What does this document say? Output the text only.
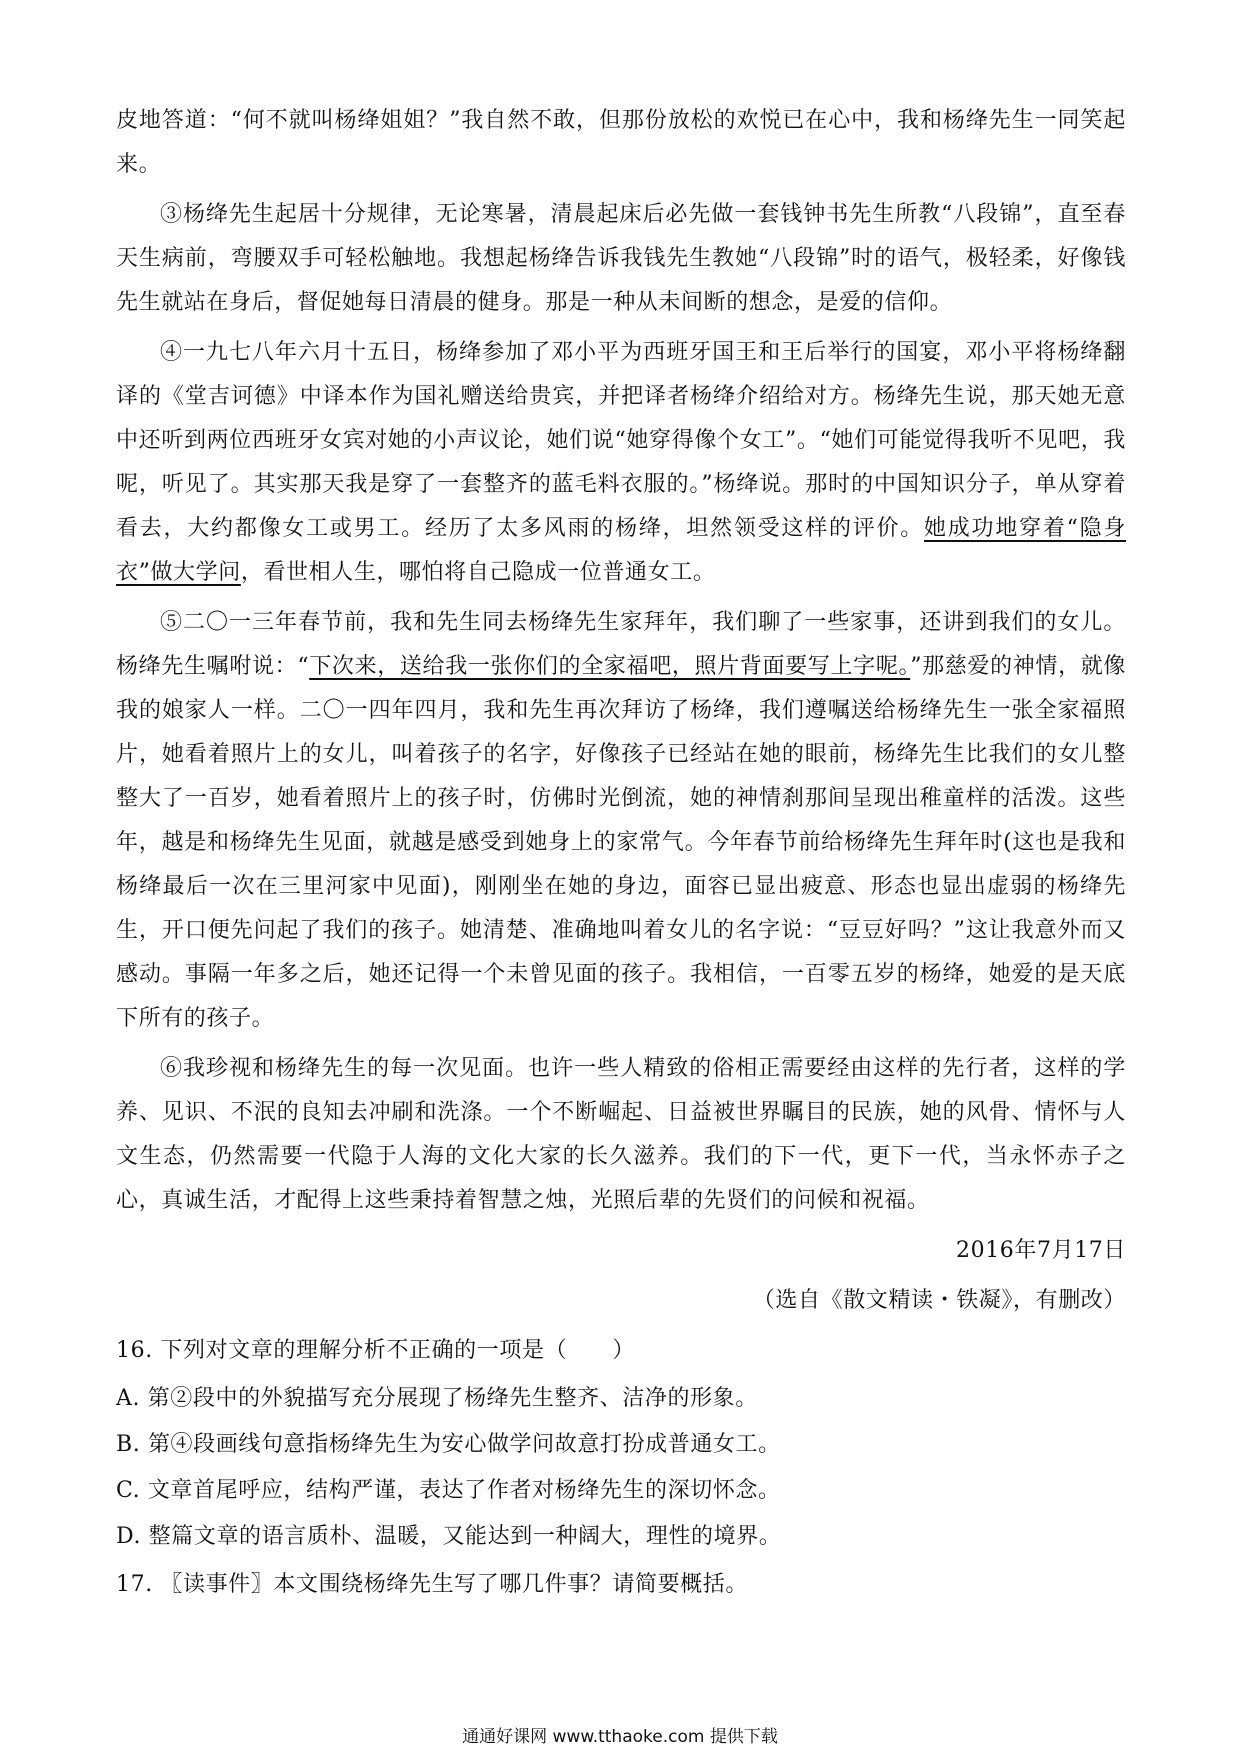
皮地答道：“何不就叫杨绛姐姐？”我自然不敢，但那份放松的欢悦已在心中，我和杨绛先生一同笑起来。

③杨绛先生起居十分规律，无论寒暑，清晨起床后必先做一套钱钟书先生所教“八段锦”，直至春天生病前，弯腰双手可轻松触地。我想起杨绛告诉我钱先生教她“八段锦”时的语气，极轻柔，好像钱先生就站在身后，督促她每日清晨的健身。那是一种从未间断的想念，是爱的信仰。

④一九七八年六月十五日，杨绛参加了邓小平为西班牙国王和王后举行的国宴，邓小平将杨绛翻译的《堂吉诃德》中译本作为国礼赠送给贵宾，并把译者杨绛介绍给对方。杨绛先生说，那天她无意中还听到两位西班牙女宾对她的小声议论，她们说“她穿得像个女工”。“她们可能觉得我听不见吧，我呢，听见了。其实那天我是穿了一套整齐的蓝毛料衣服的。”杨绛说。那时的中国知识分子，单从穿着看去，大约都像女工或男工。经历了太多风雨的杨绛，坦然领受这样的评价。她成功地穿着“隐身衣”做大学问，看世相人生，哪怕将自己隐成一位普通女工。

⑤二〇一三年春节前，我和先生同去杨绛先生家拜年，我们聊了一些家事，还讲到我们的女儿。杨绛先生嘱咐说：“下次来，送给我一张你们的全家福吧，照片背面要写上字呢。”那慈爱的神情，就像我的娘家人一样。二〇一四年四月，我和先生再次拜访了杨绛，我们遵嘱送给杨绛先生一张全家福照片，她看着照片上的女儿，叫着孩子的名字，好像孩子已经站在她的眼前，杨绛先生比我们的女儿整整大了一百岁，她看着照片上的孩子时，仿佛时光倒流，她的神情刹那间呈现出稚童样的活泼。这些年，越是和杨绛先生见面，就越是感受到她身上的家常气。今年春节前给杨绛先生拜年时(这也是我和杨绛最后一次在三里河家中见面)，刚刚坐在她的身边，面容已显出疲意、形态也显出虚弱的杨绛先生，开口便先问起了我们的孩子。她清楚、准确地叫着女儿的名字说：“豆豆好吗？”这让我意外而又感动。事隔一年多之后，她还记得一个未曾见面的孩子。我相信，一百零五岁的杨绛，她爱的是天底下所有的孩子。

⑥我珍视和杨绛先生的每一次见面。也许一些人精致的俗相正需要经由这样的先行者，这样的学养、见识、不泯的良知去冲刷和洗涤。一个不断崛起、日益被世界瞩目的民族，她的风骨、情怀与人文生态，仍然需要一代隐于人海的文化大家的长久滋养。我们的下一代，更下一代，当永怀赤子之心，真诚生活，才配得上这些秉持着智慧之烛，光照后辈的先贤们的问候和祝福。

2016年7月17日

（选自《散文精读・铁凝》，有删改）

16. 下列对文章的理解分析不正确的一项是（　　）

A. 第②段中的外貌描写充分展现了杨绛先生整齐、洁净的形象。

B. 第④段画线句意指杨绛先生为安心做学问故意打扮成普通女工。

C. 文章首尾呼应，结构严谨，表达了作者对杨绛先生的深切怀念。

D. 整篇文章的语言质朴、温暖，又能达到一种阔大，理性的境界。

17. 〖读事件〗本文围绕杨绛先生写了哪几件事？请简要概括。

通通好课网 www.tthaoke.com 提供下载
